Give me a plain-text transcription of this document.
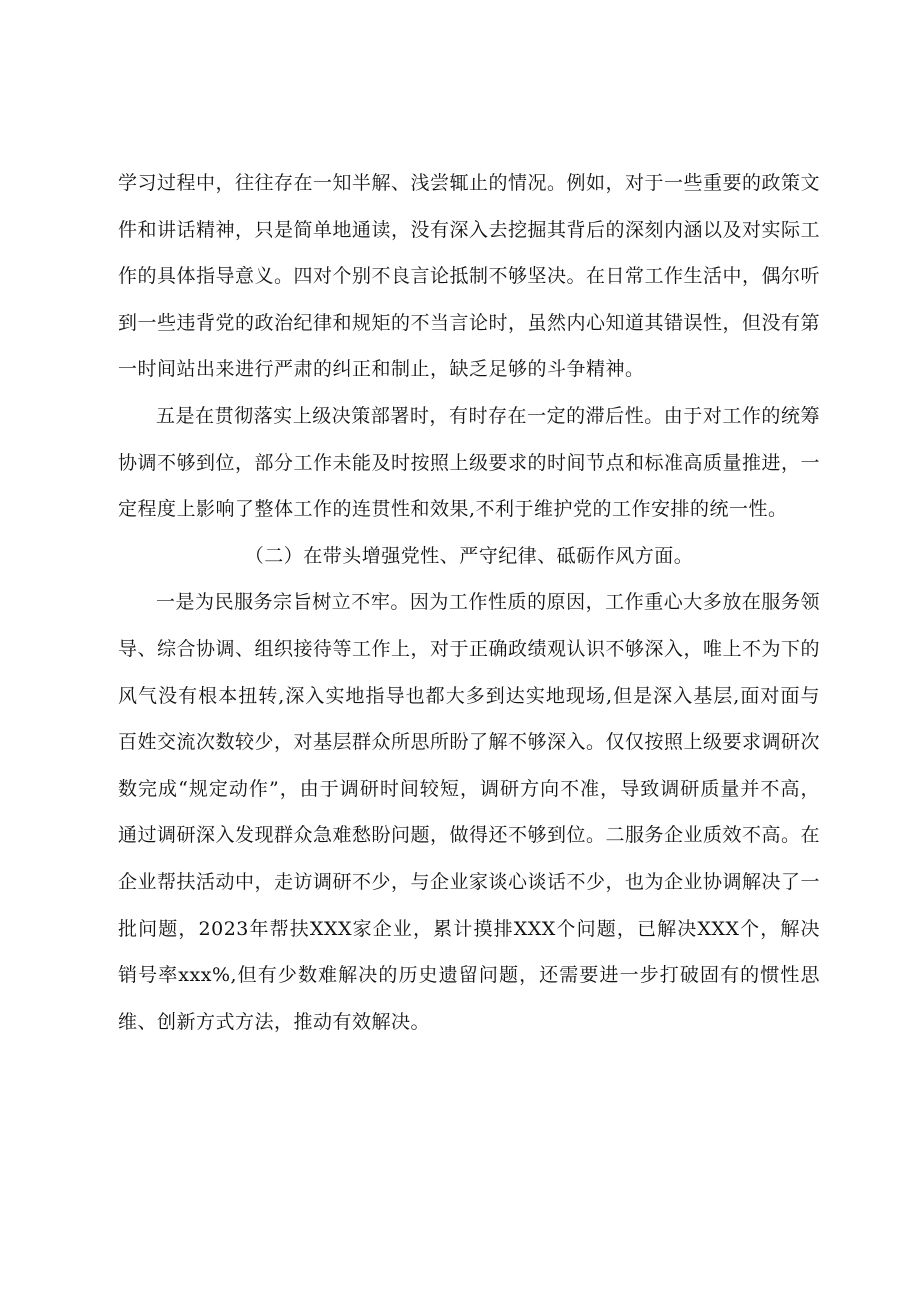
学习过程中，往往存在一知半解、浅尝辄止的情况。例如，对于一些重要的政策文件和讲话精神，只是简单地通读，没有深入去挖掘其背后的深刻内涵以及对实际工作的具体指导意义。四对个别不良言论抵制不够坚决。在日常工作生活中，偶尔听到一些违背党的政治纪律和规矩的不当言论时，虽然内心知道其错误性，但没有第一时间站出来进行严肃的纠正和制止，缺乏足够的斗争精神。

五是在贯彻落实上级决策部署时，有时存在一定的滞后性。由于对工作的统筹协调不够到位，部分工作未能及时按照上级要求的时间节点和标准高质量推进，一定程度上影响了整体工作的连贯性和效果,不利于维护党的工作安排的统一性。

（二）在带头增强党性、严守纪律、砥砺作风方面。

一是为民服务宗旨树立不牢。因为工作性质的原因，工作重心大多放在服务领导、综合协调、组织接待等工作上，对于正确政绩观认识不够深入，唯上不为下的风气没有根本扭转,深入实地指导也都大多到达实地现场,但是深入基层,面对面与百姓交流次数较少，对基层群众所思所盼了解不够深入。仅仅按照上级要求调研次数完成“规定动作”，由于调研时间较短，调研方向不准，导致调研质量并不高，通过调研深入发现群众急难愁盼问题，做得还不够到位。二服务企业质效不高。在企业帮扶活动中，走访调研不少，与企业家谈心谈话不少，也为企业协调解决了一批问题，2023年帮扶XXX家企业，累计摸排XXX个问题，已解决XXX个，解决销号率xxx%,但有少数难解决的历史遗留问题，还需要进一步打破固有的惯性思维、创新方式方法，推动有效解决。
